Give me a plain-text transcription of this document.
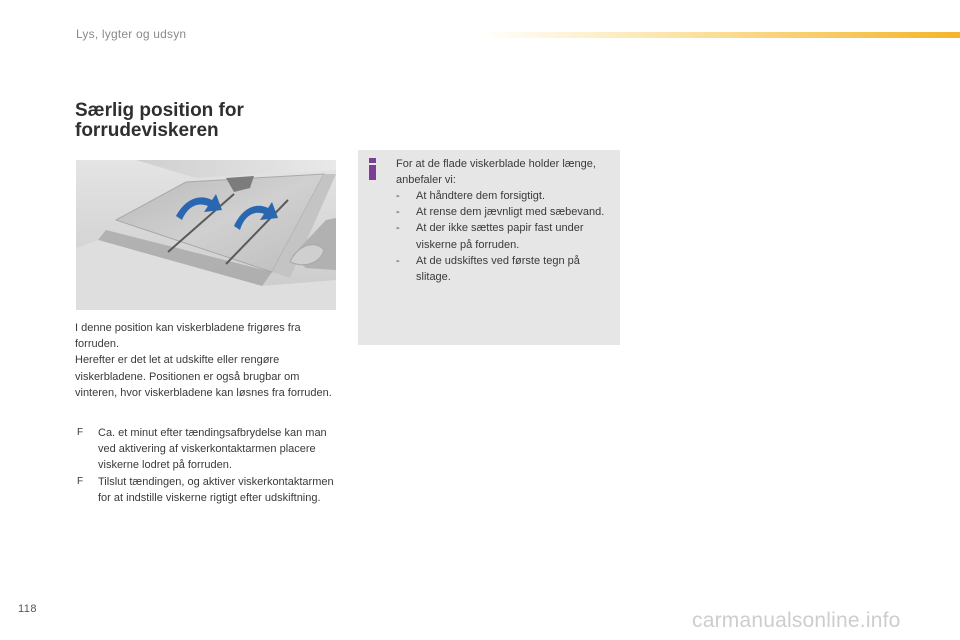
Lys, lygter og udsyn
Særlig position for
forrudeviskeren

I denne position kan viskerbladene frigøres fra forruden.
Herefter er det let at udskifte eller rengøre viskerbladene. Positionen er også brugbar om vinteren, hvor viskerbladene kan løsnes fra forruden.

F Ca. et minut efter tændingsafbrydelse kan man ved aktivering af viskerkontaktarmen placere viskerne lodret på forruden.
F Tilslut tændingen, og aktiver viskerkontaktarmen for at indstille viskerne rigtigt efter udskiftning.

For at de flade viskerblade holder længe, anbefaler vi:

- At håndtere dem forsigtigt.
- At rense dem jævnligt med sæbevand.
- At der ikke sættes papir fast under viskerne på forruden.
- At de udskiftes ved første tegn på slitage.
118	carmanualsonline.info
